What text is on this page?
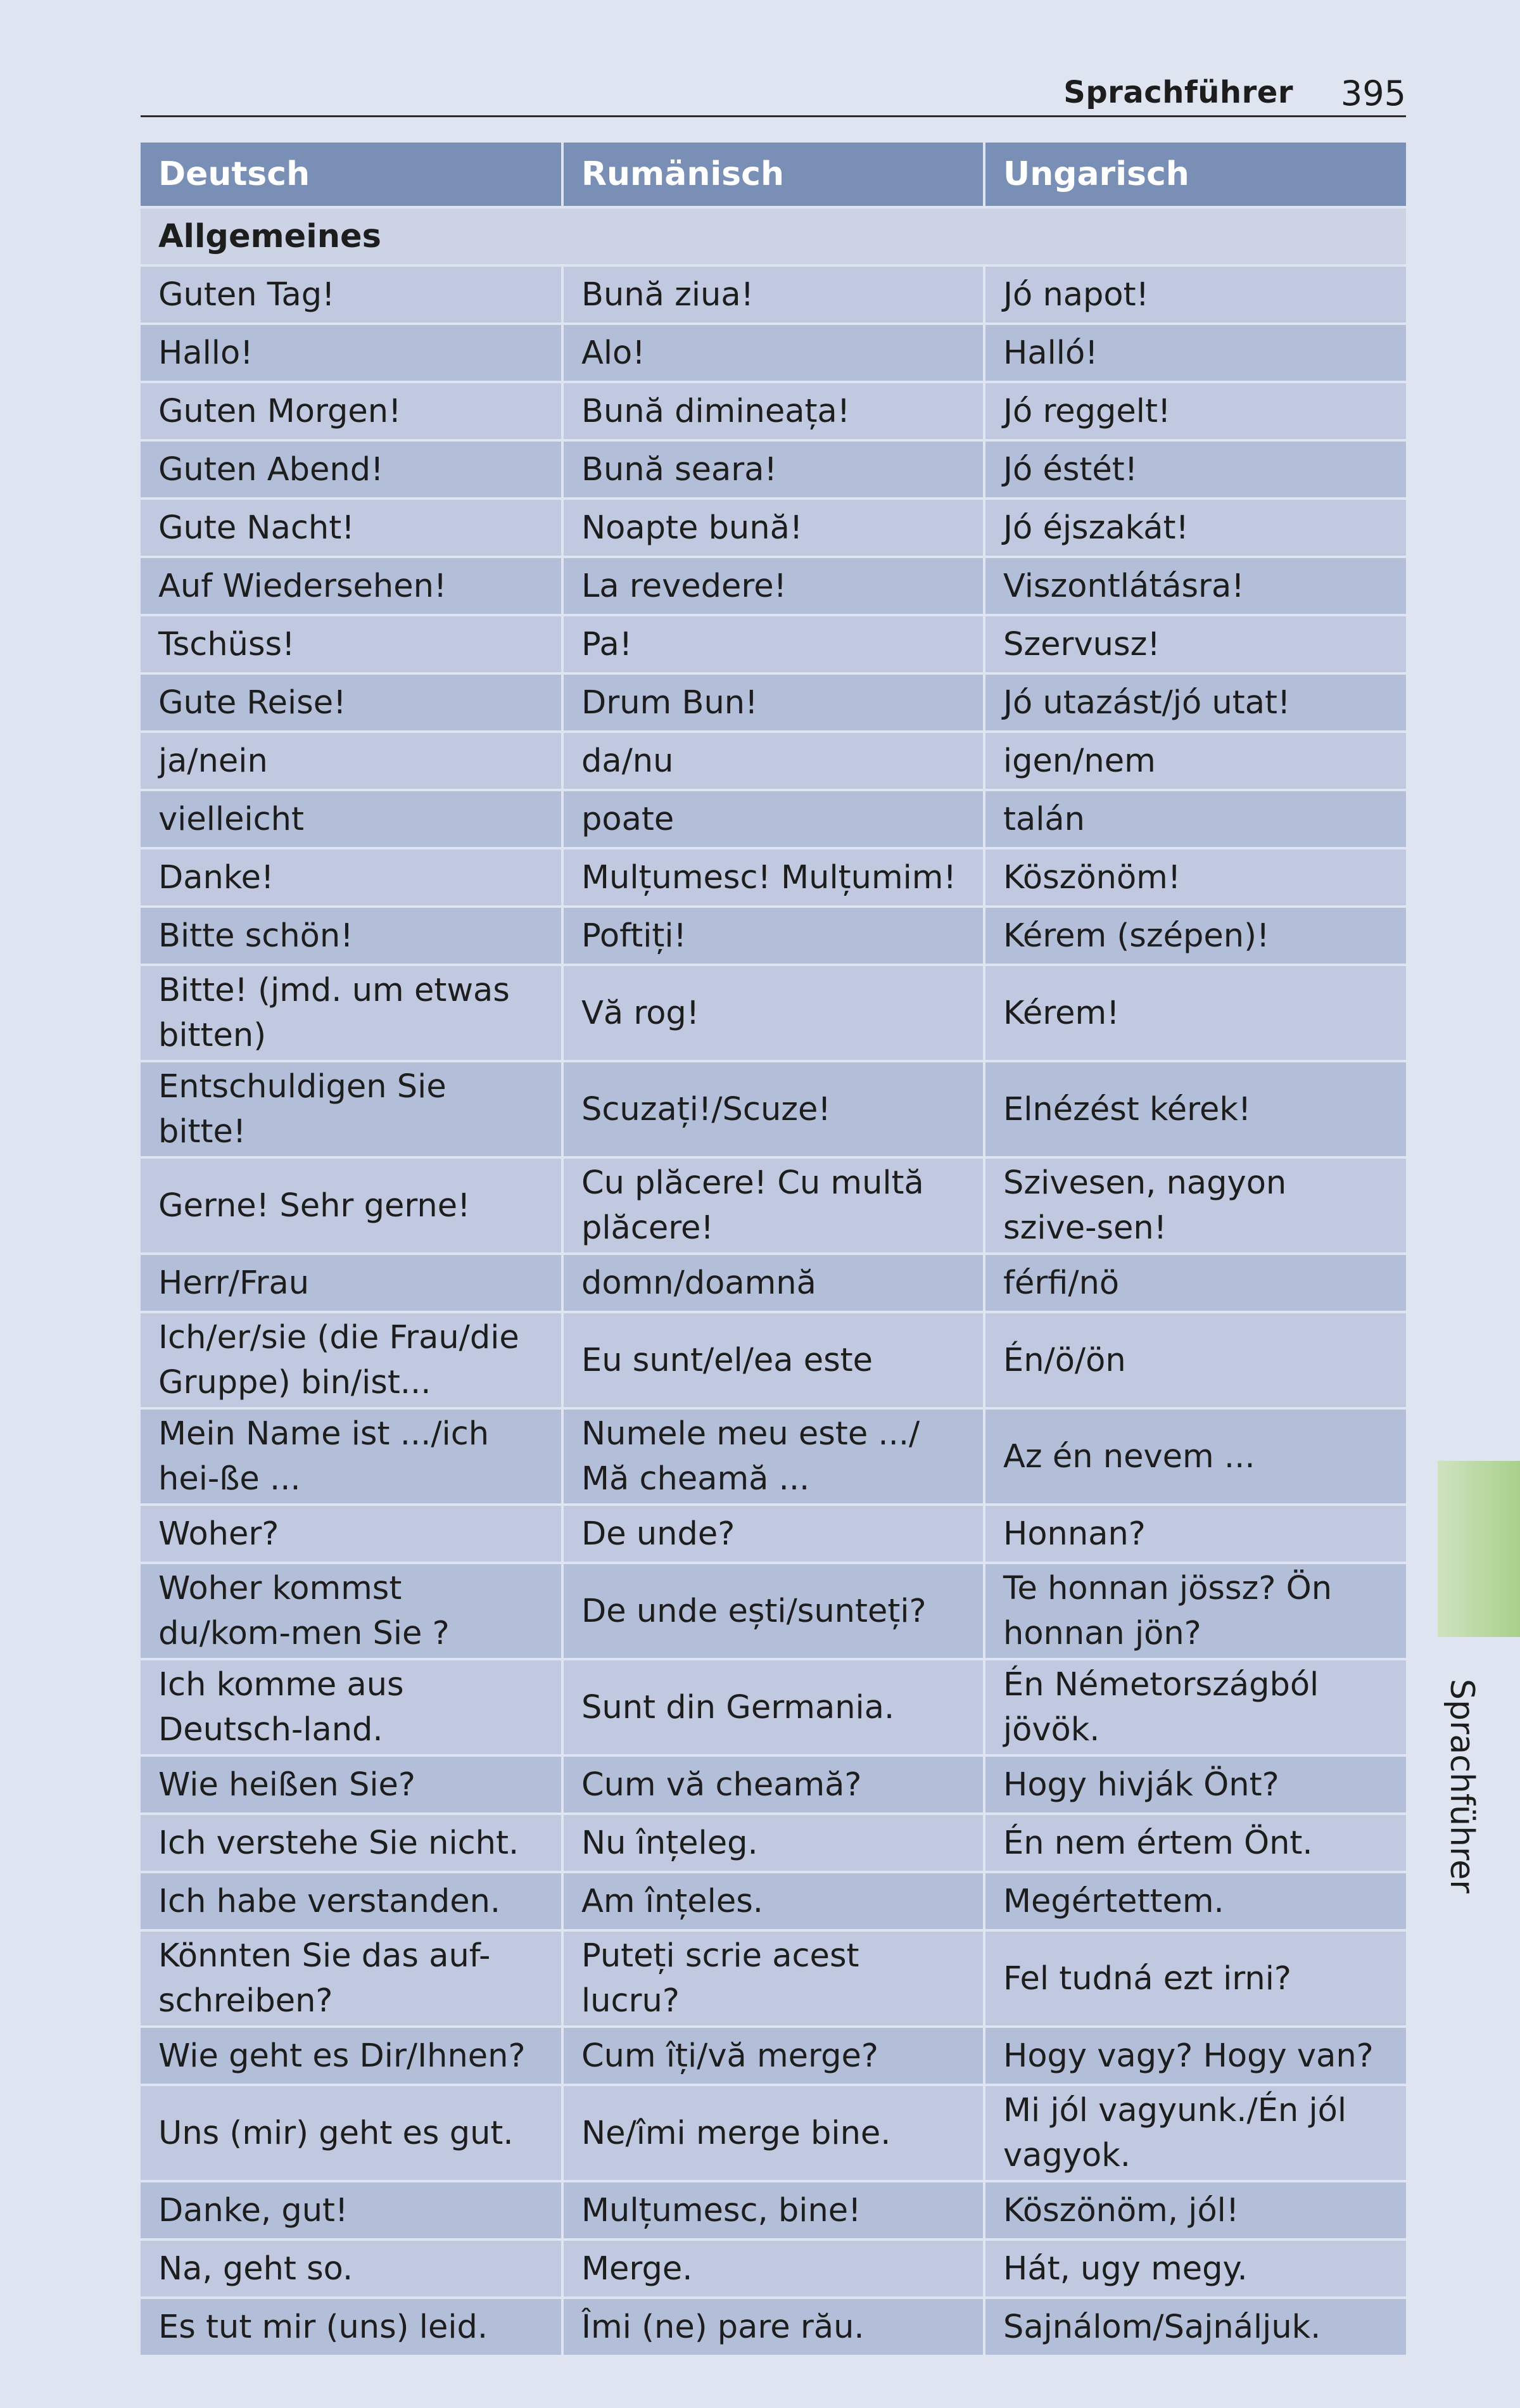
Sprachführer 395
Deutsch	Rumänisch	Ungarisch
Allgemeines		
Guten Tag!	Bună ziua!	Jó napot!
Hallo!	Alo!	Halló!
Guten Morgen!	Bună dimineața!	Jó reggelt!
Guten Abend!	Bună seara!	Jó éstét!
Gute Nacht!	Noapte bună!	Jó éjszakát!
Auf Wiedersehen!	La revedere!	Viszontlátásra!
Tschüss!	Pa!	Szervusz!
Gute Reise!	Drum Bun!	Jó utazást/jó utat!
ja/nein	da/nu	igen/nem
vielleicht	poate	talán
Danke!	Mulțumesc! Mulțumim!	Köszönöm!
Bitte schön!	Poftiți!	Kérem (szépen)!
Bitte! (jmd. um etwas bitten)	Vă rog!	Kérem!
Entschuldigen Sie bitte!	Scuzați!/Scuze!	Elnézést kérek!
Gerne! Sehr gerne!	Cu plăcere! Cu multă plăcere!	Szivesen, nagyon szive-sen!
Herr/Frau	domn/doamnă	férfi/nö
Ich/er/sie (die Frau/die Gruppe) bin/ist...	Eu sunt/el/ea este	Én/ö/ön
Mein Name ist .../ich hei-ße ...	Numele meu este .../ Mă cheamă ...	Az én nevem ...
Woher?	De unde?	Honnan?
Woher kommst du/kom-men Sie ?	De unde ești/sunteți?	Te honnan jössz? Ön honnan jön?
Ich komme aus Deutsch-land.	Sunt din Germania.	Én Németországból jövök.
Wie heißen Sie?	Cum vă cheamă?	Hogy hivják Önt?
Ich verstehe Sie nicht.	Nu înțeleg.	Én nem értem Önt.
Ich habe verstanden.	Am înțeles.	Megértettem.
Könnten Sie das auf-schreiben?	Puteți scrie acest lucru?	Fel tudná ezt irni?
Wie geht es Dir/Ihnen?	Cum îți/vă merge?	Hogy vagy? Hogy van?
Uns (mir) geht es gut.	Ne/îmi merge bine.	Mi jól vagyunk./Én jól vagyok.
Danke, gut!	Mulțumesc, bine!	Köszönöm, jól!
Na, geht so.	Merge.	Hát, ugy megy.
Es tut mir (uns) leid.	Îmi (ne) pare rău.	Sajnálom/Sajnáljuk.
Sprachführer
